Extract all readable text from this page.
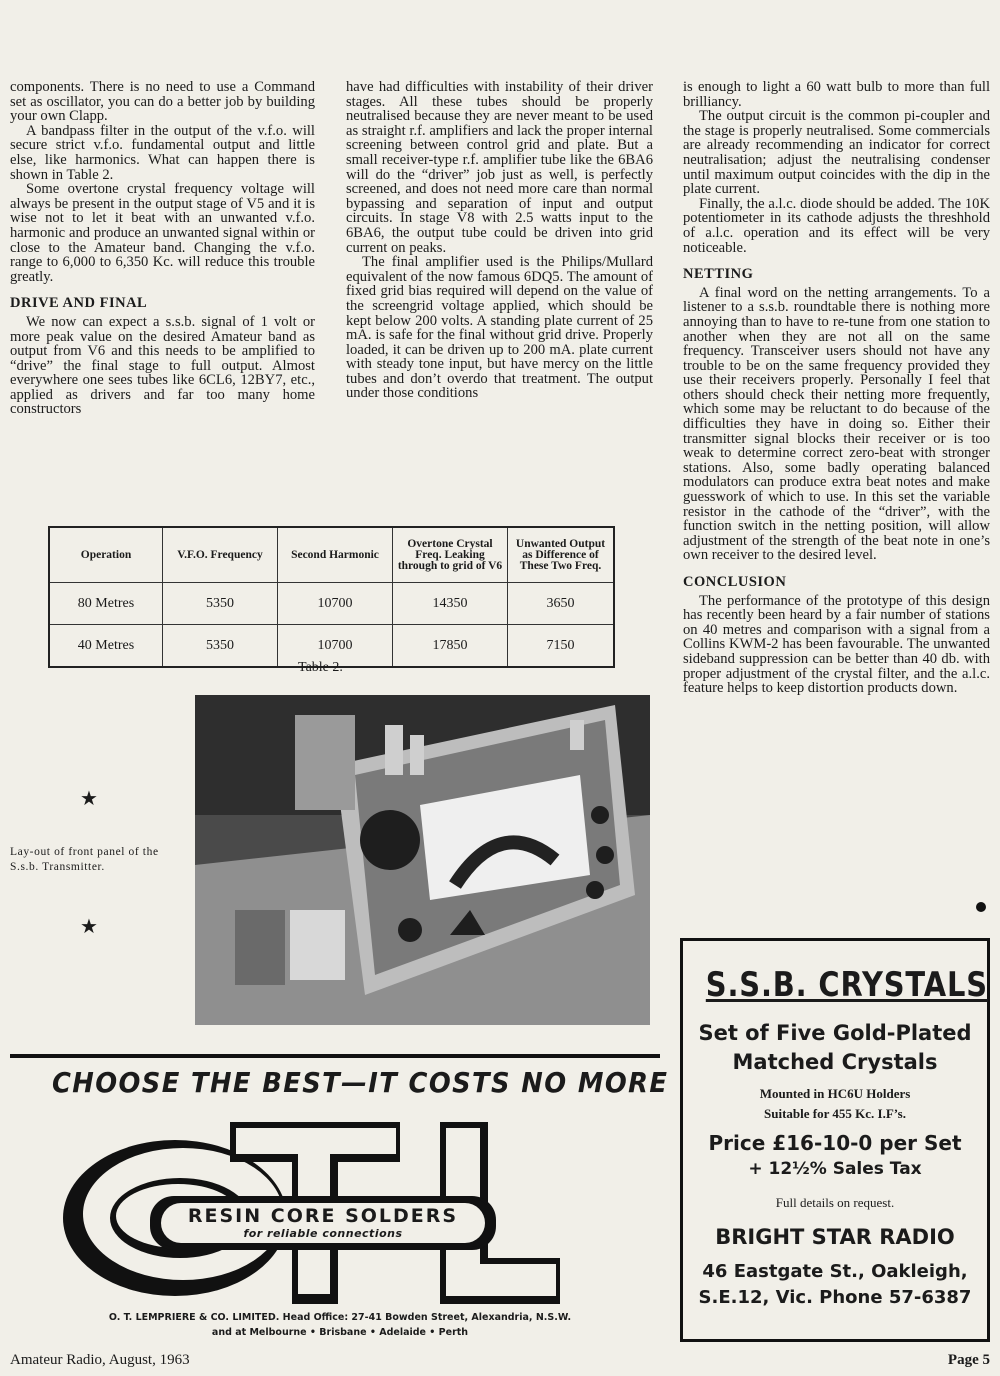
components. There is no need to use a Command set as oscillator, you can do a better job by building your own Clapp.

A bandpass filter in the output of the v.f.o. will secure strict v.f.o. fundamental output and little else, like harmonics. What can happen there is shown in Table 2.

Some overtone crystal frequency voltage will always be present in the output stage of V5 and it is wise not to let it beat with an unwanted v.f.o. harmonic and produce an unwanted signal within or close to the Amateur band. Changing the v.f.o. range to 6,000 to 6,350 Kc. will reduce this trouble greatly.

DRIVE AND FINAL

We now can expect a s.s.b. signal of 1 volt or more peak value on the desired Amateur band as output from V6 and this needs to be amplified to “drive” the final stage to full output. Almost everywhere one sees tubes like 6CL6, 12BY7, etc., applied as drivers and far too many home constructors

have had difficulties with instability of their driver stages. All these tubes should be properly neutralised because they are never meant to be used as straight r.f. amplifiers and lack the proper internal screening between control grid and plate. But a small receiver-type r.f. amplifier tube like the 6BA6 will do the “driver” job just as well, is perfectly screened, and does not need more care than normal bypassing and separation of input and output circuits. In stage V8 with 2.5 watts input to the 6BA6, the output tube could be driven into grid current on peaks.

The final amplifier used is the Philips/Mullard equivalent of the now famous 6DQ5. The amount of fixed grid bias required will depend on the value of the screengrid voltage applied, which should be kept below 200 volts. A standing plate current of 25 mA. is safe for the final without grid drive. Properly loaded, it can be driven up to 200 mA. plate current with steady tone input, but have mercy on the little tubes and don’t overdo that treatment. The output under those conditions

is enough to light a 60 watt bulb to more than full brilliancy.

The output circuit is the common pi-coupler and the stage is properly neutralised. Some commercials are already recommending an indicator for correct neutralisation; adjust the neutralising condenser until maximum output coincides with the dip in the plate current.

Finally, the a.l.c. diode should be added. The 10K potentiometer in its cathode adjusts the threshhold of a.l.c. operation and its effect will be very noticeable.

NETTING

A final word on the netting arrangements. To a listener to a s.s.b. roundtable there is nothing more annoying than to have to re-tune from one station to another when they are not all on the same frequency. Transceiver users should not have any trouble to be on the same frequency provided they use their receivers properly. Personally I feel that others should check their netting more frequently, which some may be reluctant to do because of the difficulties they have in doing so. Either their transmitter signal blocks their receiver or is too weak to determine correct zero-beat with stronger stations. Also, some badly operating balanced modulators can produce extra beat notes and make guesswork of which to use. In this set the variable resistor in the cathode of the “driver”, with the function switch in the netting position, will allow adjustment of the strength of the beat note in one’s own receiver to the desired level.

CONCLUSION

The performance of the prototype of this design has recently been heard by a fair number of stations on 40 metres and comparison with a signal from a Collins KWM-2 has been favourable. The unwanted sideband suppression can be better than 40 db. with proper adjustment of the crystal filter, and the a.l.c. feature helps to keep distortion products down.

Operation	V.F.O. Frequency	Second Harmonic	Overtone Crystal Freq. Leaking through to grid of V6	Unwanted Output as Difference of These Two Freq.
80 Metres	5350	10700	14350	3650
40 Metres	5350	10700	17850	7150
Table 2.
★
★
Lay-out of front panel of the S.s.b. Transmitter.
CHOOSE THE BEST—IT COSTS NO MORE
RESIN CORE SOLDERS
for reliable connections
O. T. LEMPRIERE & CO. LIMITED. Head Office: 27-41 Bowden Street, Alexandria, N.S.W.
and at Melbourne • Brisbane • Adelaide • Perth
S.S.B. CRYSTALS
Set of Five Gold-Plated
Matched Crystals
Mounted in HC6U Holders
Suitable for 455 Kc. I.F’s.
Price £16-10-0 per Set
+ 12½% Sales Tax
Full details on request.
BRIGHT STAR RADIO
46 Eastgate St., Oakleigh,
S.E.12, Vic. Phone 57-6387
Amateur Radio, August, 1963	Page 5
